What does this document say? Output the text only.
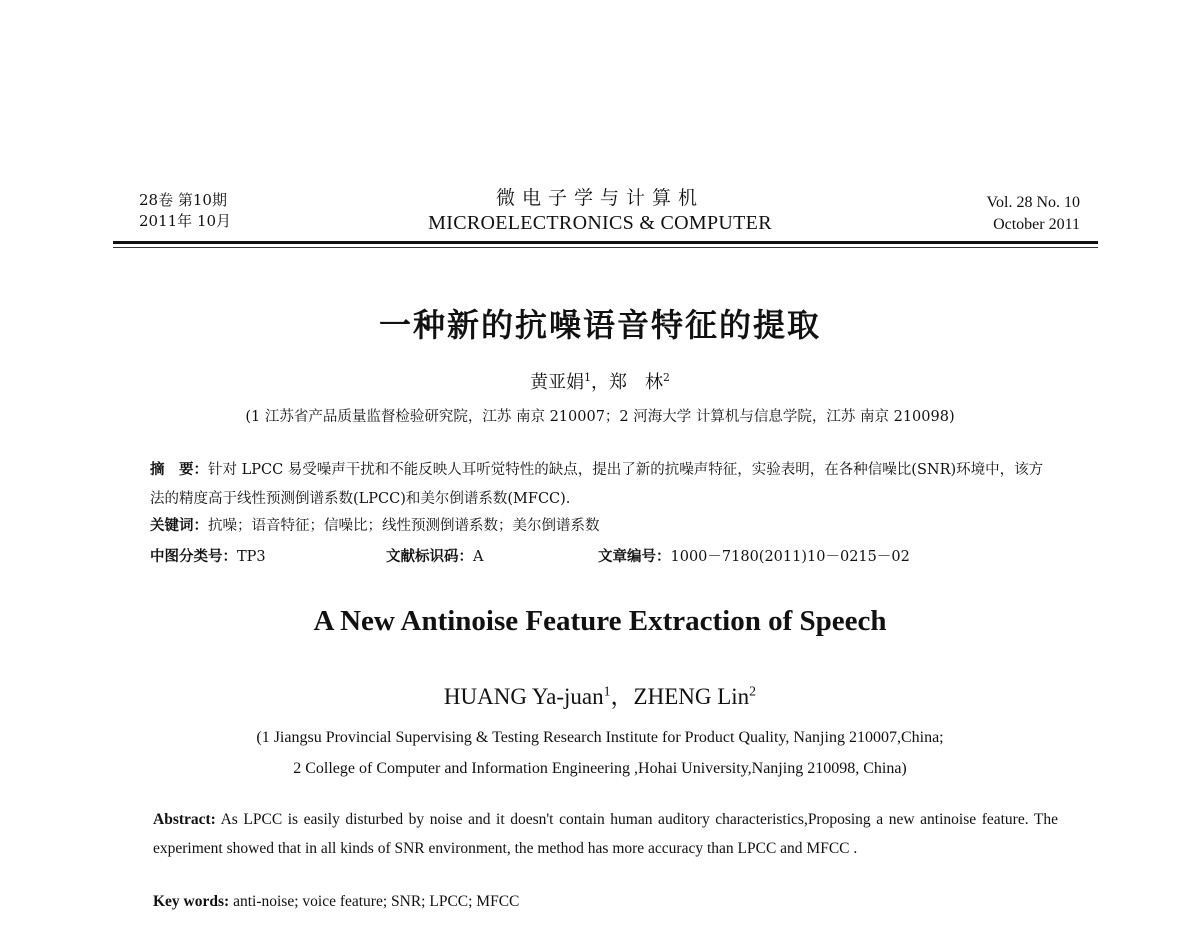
28卷 第10期
2011年 10月
微电子学与计算机
MICROELECTRONICS & COMPUTER
Vol. 28 No. 10
October 2011
一种新的抗噪语音特征的提取
黄亚娟$^1$，郑　林$^2$
(1 江苏省产品质量监督检验研究院，江苏 南京 210007；2 河海大学 计算机与信息学院，江苏 南京 210098)
摘　要：针对 LPCC 易受噪声干扰和不能反映人耳听觉特性的缺点，提出了新的抗噪声特征，实验表明，在各种信噪比(SNR)环境中，该方法的精度高于线性预测倒谱系数(LPCC)和美尔倒谱系数(MFCC).
关键词：抗噪；语音特征；信噪比；线性预测倒谱系数；美尔倒谱系数
中图分类号：TP3	文献标识码：A	文章编号：1000－7180(2011)10－0215－02
A New Antinoise Feature Extraction of Speech
HUANG Ya-juan$^1$，ZHENG Lin$^2$
(1 Jiangsu Provincial Supervising & Testing Research Institute for Product Quality, Nanjing 210007,China;
2 College of Computer and Information Engineering ,Hohai University,Nanjing 210098, China)
Abstract: As LPCC is easily disturbed by noise and it doesn't contain human auditory characteristics,Proposing a new antinoise feature. The experiment showed that in all kinds of SNR environment, the method has more accuracy than LPCC and MFCC .
Key words: anti-noise; voice feature; SNR; LPCC; MFCC
